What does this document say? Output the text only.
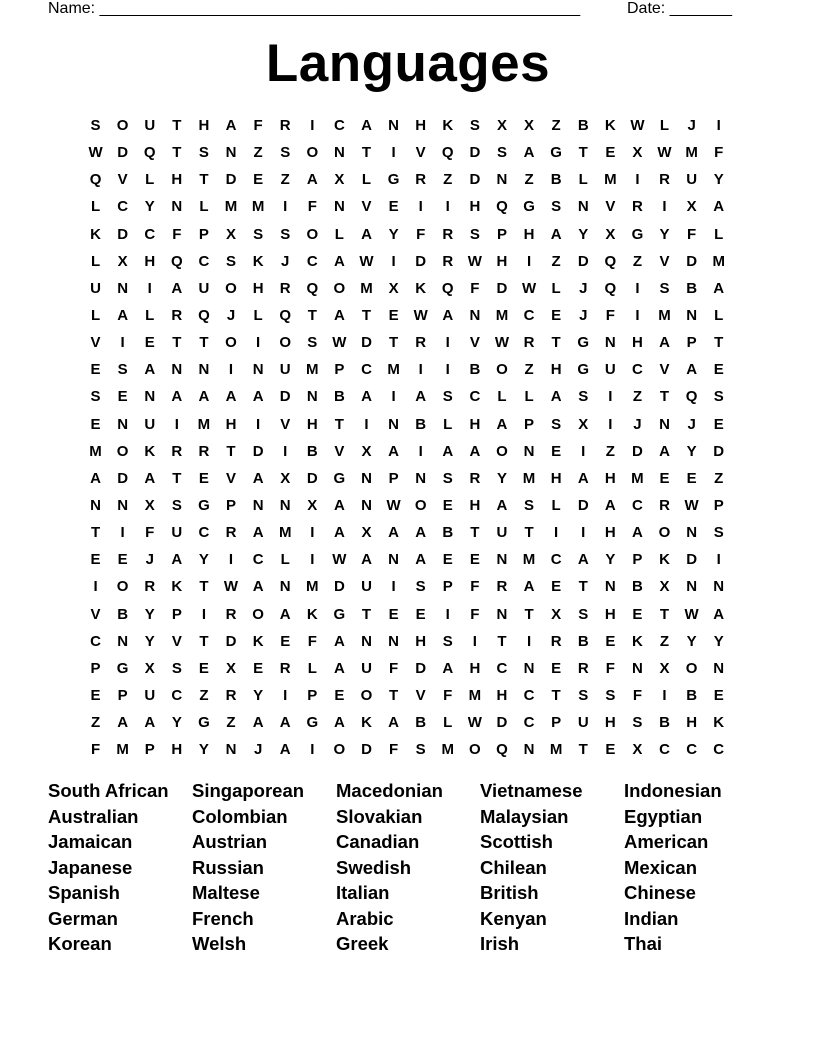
Name: ______________________________________________________	Date: _______
Languages
S	O	U	T	H	A	F	R	I	C	A	N	H	K	S	X	X	Z	B	K W	L	J	I
W D	Q	T	S	N	Z	S	O	N	T	I	V	Q	D	S	A	G	T	E	X	W M	F
Q	V	L	H	T	D	E	Z	A	X	L	G	R	Z	D	N	Z	B	L	M	I	R	U	Y
L	C	Y	N	L	M M	I	F	N	V	E	I	I	H	Q	G	S	N	V	R	I	X	A
K	D	C	F	P	X	S	S	O	L	A	Y	F	R	S	P	H	A	Y	X	G	Y	F	L
L	X	H	Q	C	S	K	J	C	A W	I	D	R W H	I	Z	D	Q	Z	V	D	M
U	N	I	A	U	O	H	R	Q	O	M	X	K	Q	F	D W	L	J	Q	I	S	B	A
L	A	L	R	Q	J	L	Q	T	A	T	E	W A	N	M	C	E	J	F	I	M	N	L
V	I	E	T	T	O	I	O	S	W D	T	R	I	V	W R	T	G	N	H	A	P	T
E	S	A	N	N	I	N	U	M	P	C	M	I	I	B	O	Z	H	G	U	C	V	A	E
S	E	N	A	A	A	A	D	N	B	A	I	A	S	C	L	L	A	S	I	Z	T	Q	S
E	N	U	I	M	H	I	V	H	T	I	N	B	L	H	A	P	S	X	I	J	N	J	E
M	O	K	R	R	T	D	I	B	V	X	A	I	A	A	O	N	E	I	Z	D	A	Y	D
A	D	A	T	E	V	A	X	D	G	N	P	N	S	R	Y	M	H	A	H	M	E	E	Z
N	N	X	S	G	P	N	N	X	A	N W O	E	H	A	S	L	D	A	C	R W	P
T	I	F	U	C	R	A	M	I	A	X	A	A	B	T	U	T	I	I	H	A	O	N	S
E	E	J	A	Y	I	C	L	I	W A	N	A	E	E	N	M	C	A	Y	P	K	D	I
I	O	R	K	T	W A	N	M	D	U	I	S	P	F	R	A	E	T	N	B	X	N	N
V	B	Y	P	I	R	O	A	K	G	T	E	E	I	F	N	T	X	S	H	E	T	W A
C	N	Y	V	T	D	K	E	F	A	N	N	H	S	I	T	I	R	B	E	K	Z	Y	Y
P	G	X	S	E	X	E	R	L	A	U	F	D	A	H	C	N	E	R	F	N	X	O	N
E	P	U	C	Z	R	Y	I	P	E	O	T	V	F	M	H	C	T	S	S	F	I	B	E
Z	A	A	Y	G	Z	A	A	G	A	K	A	B	L	W D	C	P	U	H	S	B	H	K
F	M	P	H	Y	N	J	A	I	O	D	F	S	M	O	Q	N	M	T	E	X	C	C	C
South African	Singaporean	Macedonian	Vietnamese	Indonesian
Australian	Colombian	Slovakian	Malaysian	Egyptian
Jamaican	Austrian	Canadian	Scottish	American
Japanese	Russian	Swedish	Chilean	Mexican
Spanish	Maltese	Italian	British	Chinese
German	French	Arabic	Kenyan	Indian
Korean	Welsh	Greek	Irish	Thai
